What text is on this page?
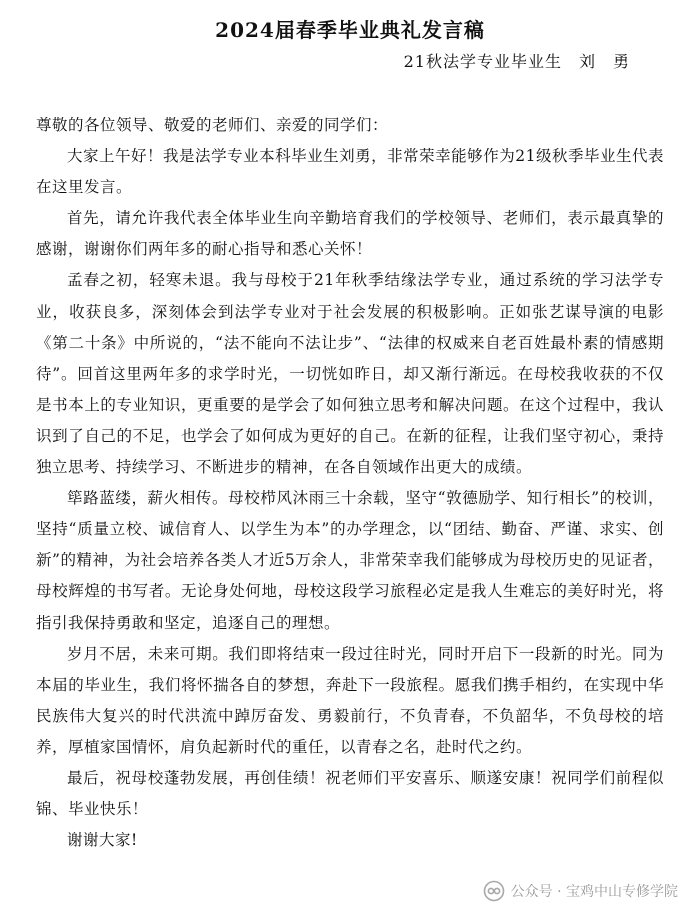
2024届春季毕业典礼发言稿
21秋法学专业毕业生　刘　勇

尊敬的各位领导、敬爱的老师们、亲爱的同学们：

大家上午好！我是法学专业本科毕业生刘勇，非常荣幸能够作为21级秋季毕业生代表在这里发言。

首先，请允许我代表全体毕业生向辛勤培育我们的学校领导、老师们，表示最真挚的感谢，谢谢你们两年多的耐心指导和悉心关怀！

孟春之初，轻寒未退。我与母校于21年秋季结缘法学专业，通过系统的学习法学专业，收获良多，深刻体会到法学专业对于社会发展的积极影响。正如张艺谋导演的电影《第二十条》中所说的，“法不能向不法让步”、“法律的权威来自老百姓最朴素的情感期待”。回首这里两年多的求学时光，一切恍如昨日，却又渐行渐远。在母校我收获的不仅是书本上的专业知识，更重要的是学会了如何独立思考和解决问题。在这个过程中，我认识到了自己的不足，也学会了如何成为更好的自己。在新的征程，让我们坚守初心，秉持独立思考、持续学习、不断进步的精神，在各自领域作出更大的成绩。

筚路蓝缕，薪火相传。母校栉风沐雨三十余载，坚守“敦德励学、知行相长”的校训，坚持“质量立校、诚信育人、以学生为本”的办学理念，以“团结、勤奋、严谨、求实、创新”的精神，为社会培养各类人才近5万余人，非常荣幸我们能够成为母校历史的见证者，母校辉煌的书写者。无论身处何地，母校这段学习旅程必定是我人生难忘的美好时光，将指引我保持勇敢和坚定，追逐自己的理想。

岁月不居，未来可期。我们即将结束一段过往时光，同时开启下一段新的时光。同为本届的毕业生，我们将怀揣各自的梦想，奔赴下一段旅程。愿我们携手相约，在实现中华民族伟大复兴的时代洪流中踔厉奋发、勇毅前行，不负青春，不负韶华，不负母校的培养，厚植家国情怀，肩负起新时代的重任，以青春之名，赴时代之约。

最后，祝母校蓬勃发展，再创佳绩！祝老师们平安喜乐、顺遂安康！祝同学们前程似锦、毕业快乐！

谢谢大家!

公众号 · 宝鸡中山专修学院
